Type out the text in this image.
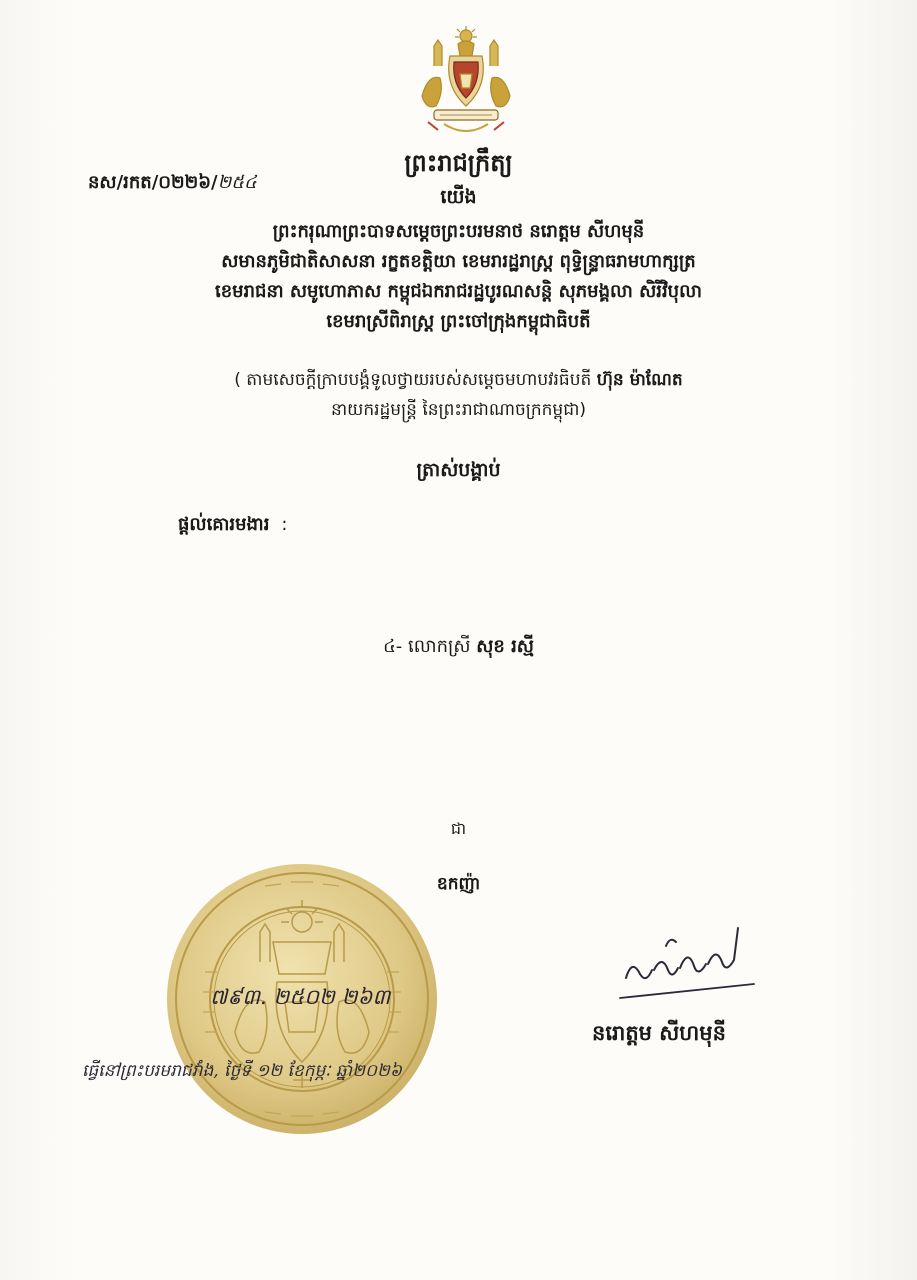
នស/រកត/០២២៦/២៥៤
ព្រះរាជក្រឹត្យ
យើង
ព្រះករុណាព្រះបាទសម្តេចព្រះបរមនាថ នរោត្តម សីហមុនី
សមានភូមិជាតិសាសនា រក្ខតខត្តិយា ខេមរារដ្ឋរាស្ត្រ ពុទ្ធិន្ទ្រាធរាមហាក្សត្រ
ខេមរាជនា សមូហោភាស កម្ពុជឯករាជរដ្ឋបូរណសន្តិ សុភមង្គលា សិរីវិបុលា
ខេមរាស្រីពិរាស្ត្រ ព្រះចៅក្រុងកម្ពុជាធិបតី
( តាមសេចក្តីក្រាបបង្គំទូលថ្វាយរបស់សម្តេចមហាបវរធិបតី ហ៊ុន ម៉ាណែត
នាយករដ្ឋមន្ត្រី នៃព្រះរាជាណាចក្រកម្ពុជា)
ត្រាស់បង្គាប់
ផ្តល់គោរមងារ :
៤- លោកស្រី សុខ រស្មី
ជា
ឧកញ៉ា
៧៩៣. ២៥០២ ២៦៣
ធ្វើនៅព្រះបរមរាជវាំង, ថ្ងៃទី ១២ ខែកុម្ភៈ ឆ្នាំ២០២៦
នរោត្តម សីហមុនី
